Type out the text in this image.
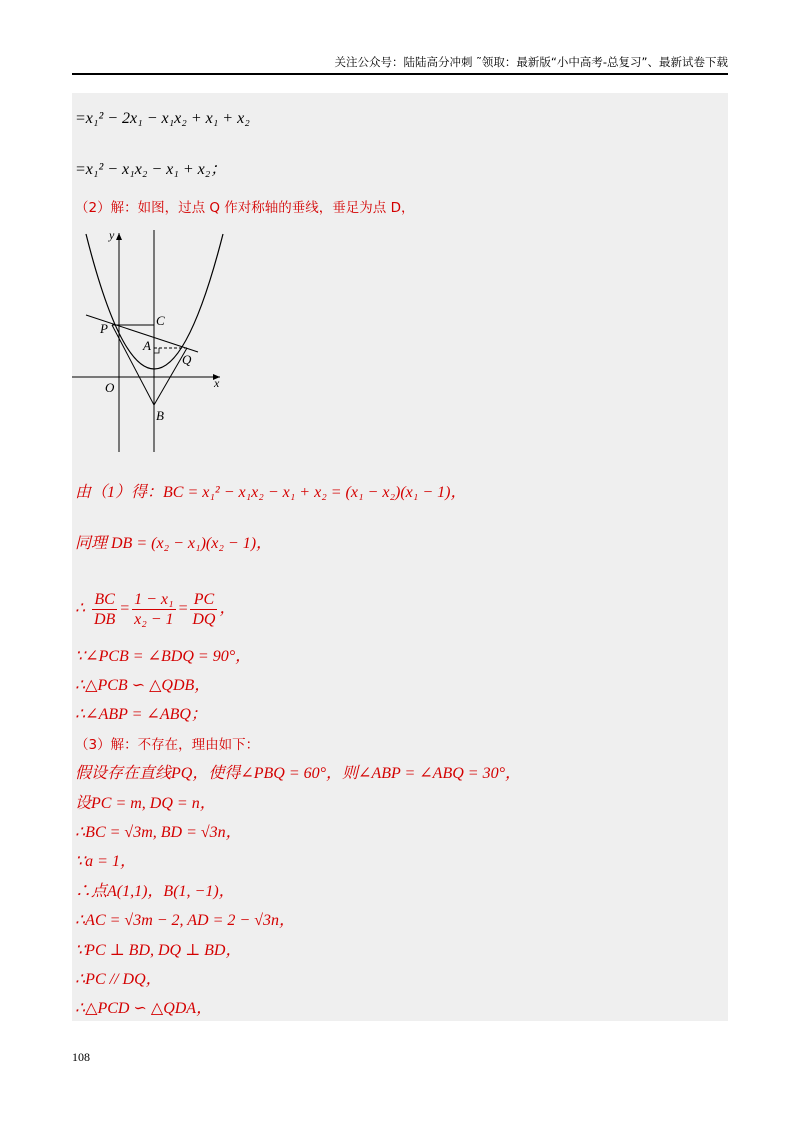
关注公众号：陆陆高分冲刺 ˜领取：最新版“小中高考-总复习”、最新试卷下载
=x₁² − 2x₁ − x₁x₂ + x₁ + x₂
=x₁² − x₁x₂ − x₁ + x₂；
（2）解：如图，过点 Q 作对称轴的垂线，垂足为点 D，
y
x
O
P
C
A
Q
B
由（1）得：BC = x₁² − x₁x₂ − x₁ + x₂ = (x₁ − x₂)(x₁ − 1)，
同理 DB = (x₂ − x₁)(x₂ − 1)，
∴ $\frac{BC}{DB} = \frac{\text{1 − x₁}}{\text{x₂ − 1}} = \frac{PC}{DQ}$ ，
∵∠PCB = ∠BDQ = 90°，
∴△PCB ∽ △QDB，
∴∠ABP = ∠ABQ；
（3）解：不存在，理由如下：
假设存在直线PQ，使得∠PBQ = 60°，则∠ABP = ∠ABQ = 30°，
设PC = m, DQ = n，
∴BC = √3m, BD = √3n，
∵a = 1，
∴点A(1,1)，B(1, −1)，
∴AC = √3m − 2, AD = 2 − √3n，
∵PC ⊥ BD, DQ ⊥ BD，
∴PC // DQ，
∴△PCD ∽ △QDA，
108
